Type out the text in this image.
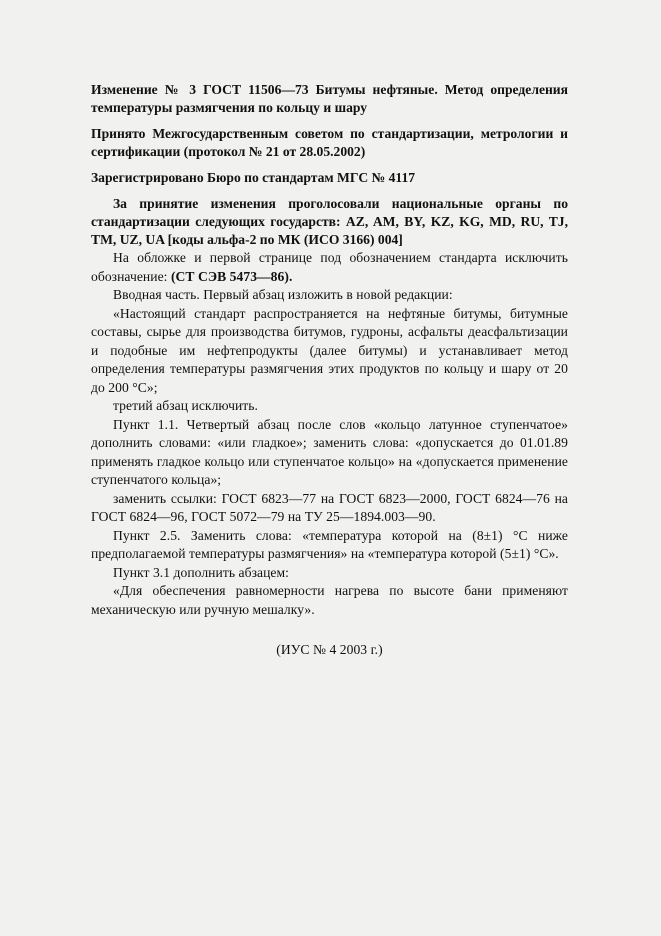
Изменение № 3 ГОСТ 11506—73 Битумы нефтяные. Метод определения температуры размягчения по кольцу и шару

Принято Межгосударственным советом по стандартизации, метрологии и сертификации (протокол № 21 от 28.05.2002)

Зарегистрировано Бюро по стандартам МГС № 4117

За принятие изменения проголосовали национальные органы по стандартизации следующих государств: AZ, AM, BY, KZ, KG, MD, RU, TJ, TM, UZ, UA [коды альфа-2 по МК (ИСО 3166) 004]

На обложке и первой странице под обозначением стандарта исключить обозначение: (СТ СЭВ 5473—86).

Вводная часть. Первый абзац изложить в новой редакции:

«Настоящий стандарт распространяется на нефтяные битумы, битумные составы, сырье для производства битумов, гудроны, асфальты деасфальтизации и подобные им нефтепродукты (далее битумы) и устанавливает метод определения температуры размягчения этих продуктов по кольцу и шару от 20 до 200 °С»;

третий абзац исключить.

Пункт 1.1. Четвертый абзац после слов «кольцо латунное ступенчатое» дополнить словами: «или гладкое»; заменить слова: «допускается до 01.01.89 применять гладкое кольцо или ступенчатое кольцо» на «допускается применение ступенчатого кольца»;

заменить ссылки: ГОСТ 6823—77 на ГОСТ 6823—2000, ГОСТ 6824—76 на ГОСТ 6824—96, ГОСТ 5072—79 на ТУ 25—1894.003—90.

Пункт 2.5. Заменить слова: «температура которой на (8±1) °С ниже предполагаемой температуры размягчения» на «температура которой (5±1) °С».

Пункт 3.1 дополнить абзацем:

«Для обеспечения равномерности нагрева по высоте бани применяют механическую или ручную мешалку».

(ИУС № 4 2003 г.)
